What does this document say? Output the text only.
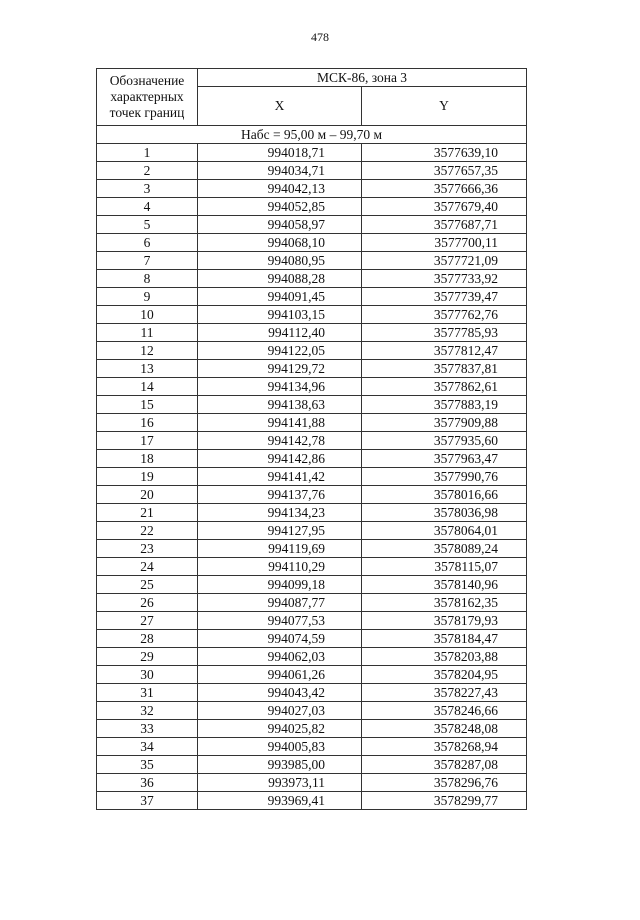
478
Обозначение характерных точек границ	МСК-86, зона 3	
	X	Y
Набс = 95,00 м – 99,70 м		
1	994018,71	3577639,10
2	994034,71	3577657,35
3	994042,13	3577666,36
4	994052,85	3577679,40
5	994058,97	3577687,71
6	994068,10	3577700,11
7	994080,95	3577721,09
8	994088,28	3577733,92
9	994091,45	3577739,47
10	994103,15	3577762,76
11	994112,40	3577785,93
12	994122,05	3577812,47
13	994129,72	3577837,81
14	994134,96	3577862,61
15	994138,63	3577883,19
16	994141,88	3577909,88
17	994142,78	3577935,60
18	994142,86	3577963,47
19	994141,42	3577990,76
20	994137,76	3578016,66
21	994134,23	3578036,98
22	994127,95	3578064,01
23	994119,69	3578089,24
24	994110,29	3578115,07
25	994099,18	3578140,96
26	994087,77	3578162,35
27	994077,53	3578179,93
28	994074,59	3578184,47
29	994062,03	3578203,88
30	994061,26	3578204,95
31	994043,42	3578227,43
32	994027,03	3578246,66
33	994025,82	3578248,08
34	994005,83	3578268,94
35	993985,00	3578287,08
36	993973,11	3578296,76
37	993969,41	3578299,77
